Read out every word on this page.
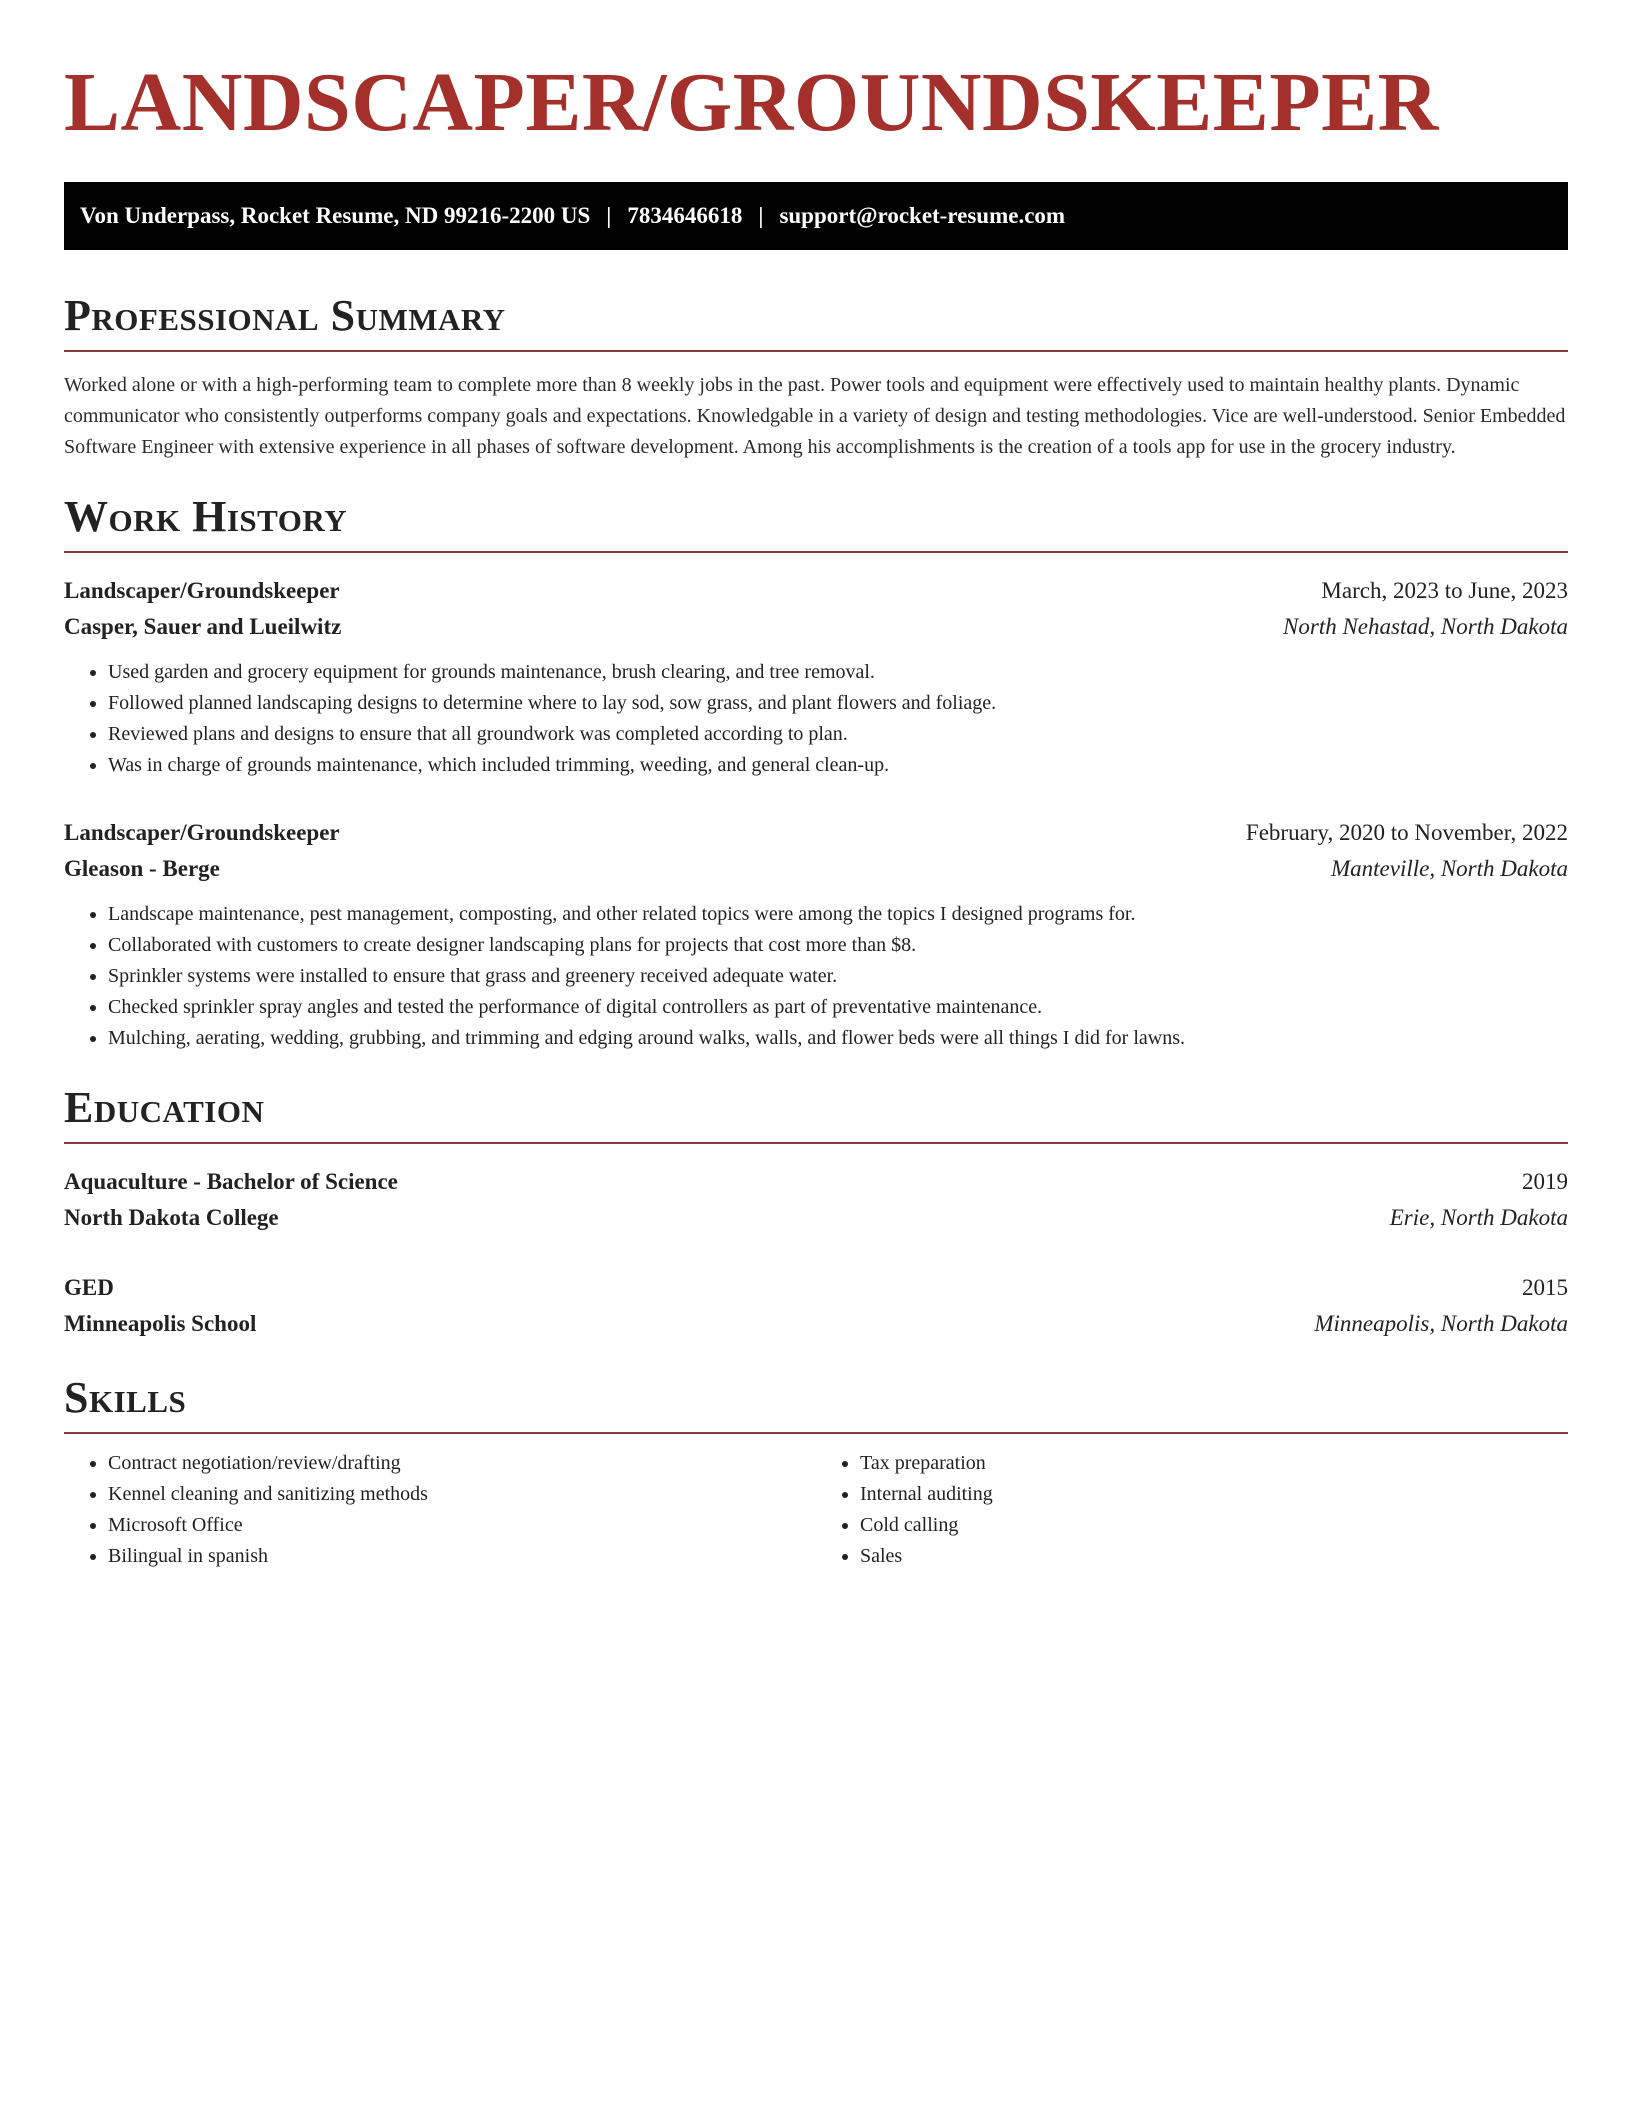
LANDSCAPER/GROUNDSKEEPER
Von Underpass, Rocket Resume, ND 99216-2200 US | 7834646618 | support@rocket-resume.com
Professional Summary

Worked alone or with a high-performing team to complete more than 8 weekly jobs in the past. Power tools and equipment were effectively used to maintain healthy plants. Dynamic communicator who consistently outperforms company goals and expectations. Knowledgable in a variety of design and testing methodologies. Vice are well-understood. Senior Embedded Software Engineer with extensive experience in all phases of software development. Among his accomplishments is the creation of a tools app for use in the grocery industry.

Work History
Landscaper/Groundskeeper	March, 2023 to June, 2023
Casper, Sauer and Lueilwitz	North Nehastad, North Dakota
• Used garden and grocery equipment for grounds maintenance, brush clearing, and tree removal.
• Followed planned landscaping designs to determine where to lay sod, sow grass, and plant flowers and foliage.
• Reviewed plans and designs to ensure that all groundwork was completed according to plan.
• Was in charge of grounds maintenance, which included trimming, weeding, and general clean-up.
Landscaper/Groundskeeper	February, 2020 to November, 2022
Gleason - Berge	Manteville, North Dakota
• Landscape maintenance, pest management, composting, and other related topics were among the topics I designed programs for.
• Collaborated with customers to create designer landscaping plans for projects that cost more than $8.
• Sprinkler systems were installed to ensure that grass and greenery received adequate water.
• Checked sprinkler spray angles and tested the performance of digital controllers as part of preventative maintenance.
• Mulching, aerating, wedding, grubbing, and trimming and edging around walks, walls, and flower beds were all things I did for lawns.
Education
Aquaculture - Bachelor of Science	2019
North Dakota College	Erie, North Dakota
GED	2015
Minneapolis School	Minneapolis, North Dakota
Skills
• Contract negotiation/review/drafting
• Kennel cleaning and sanitizing methods
• Microsoft Office
• Bilingual in spanish
• Tax preparation
• Internal auditing
• Cold calling
• Sales
